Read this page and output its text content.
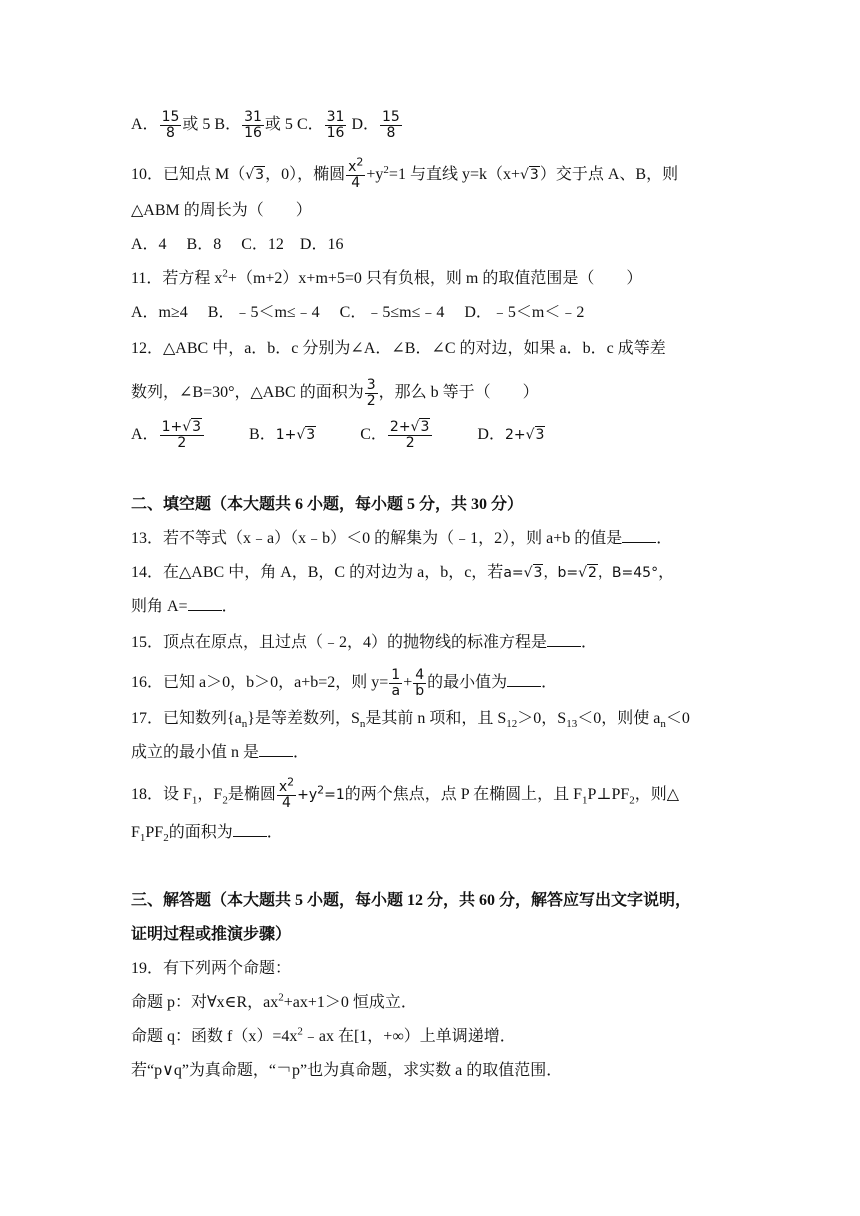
A． $\frac{15}{8}$ 或 5 B． $\frac{31}{16}$ 或 5 C． $\frac{31}{16}$ D． $\frac{15}{8}$
10．已知点 M（√3，0），椭圆 $\frac{x^2}{4} +y^2=1$ 与直线 y=k（x+√3）交于点 A、B，则
△ABM 的周长为（　　）
A．4　 B．8　 C．12　D．16
11．若方程 $x^2+(m+2)x+m+5=0$ 只有负根，则 m 的取值范围是（　　）
A．m≥4　 B．﹣5＜m≤﹣4　 C．﹣5≤m≤﹣4　 D．﹣5＜m＜﹣2
12．△ABC 中，a．b．c 分别为∠A．∠B．∠C 的对边，如果 a．b．c 成等差
数列，∠B=30°，△ABC 的面积为 $\frac{3}{2}$ ，那么 b 等于（　　）
A． $\frac{1+√3}{2}$	B．1+√3	C． $\frac{2+√3}{2}$	D．2+√3
二、填空题（本大题共 6 小题，每小题 5 分，共 30 分）
13．若不等式（x﹣a）（x﹣b）＜0 的解集为（﹣1，2），则 a+b 的值是 ．
14．在△ABC 中，角 A，B，C 的对边为 a，b，c，若a=√3，b=√2，B=45°，
则角 A= ．
15．顶点在原点，且过点（﹣2，4）的抛物线的标准方程是 ．
16．已知 a＞0，b＞0，a+b=2，则 $y= \frac{1}{a} + \frac{4}{b}$ 的最小值为 ．
17．已知数列$\{a_n\}$是等差数列，$S_n$是其前 n 项和，且 $S_{12}>0$，$S_{13}<0$，则使 $a_n<0$
成立的最小值 n 是 ．
18．设 $F_1$，$F_2$是椭圆 $\frac{x^2}{4} +y^2=1$的两个焦点，点 P 在椭圆上，且 $F_1P\perp PF_2$，则△
$F_1PF_2$的面积为 ．
三、解答题（本大题共 5 小题，每小题 12 分，共 60 分，解答应写出文字说明，
证明过程或推演步骤）
19．有下列两个命题：
命题 p：对∀x∈R，$ax^2+ax+1>0$ 恒成立．
命题 q：函数 $f(x)=4x^2﹣ax$ 在[1，+∞）上单调递增．
若“p∨q”为真命题，“￢p”也为真命题，求实数 a 的取值范围．
